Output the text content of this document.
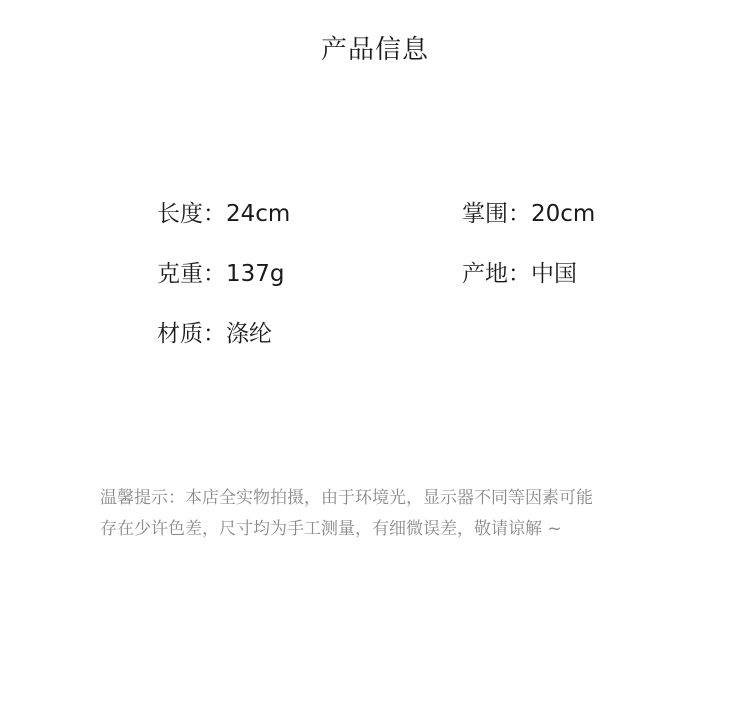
产品信息
长度：24cm	掌围：20cm
克重：137g	产地：中国
材质：涤纶
温馨提示：本店全实物拍摄，由于环境光，显示器不同等因素可能
存在少许色差，尺寸均为手工测量，有细微误差，敬请谅解 ~
